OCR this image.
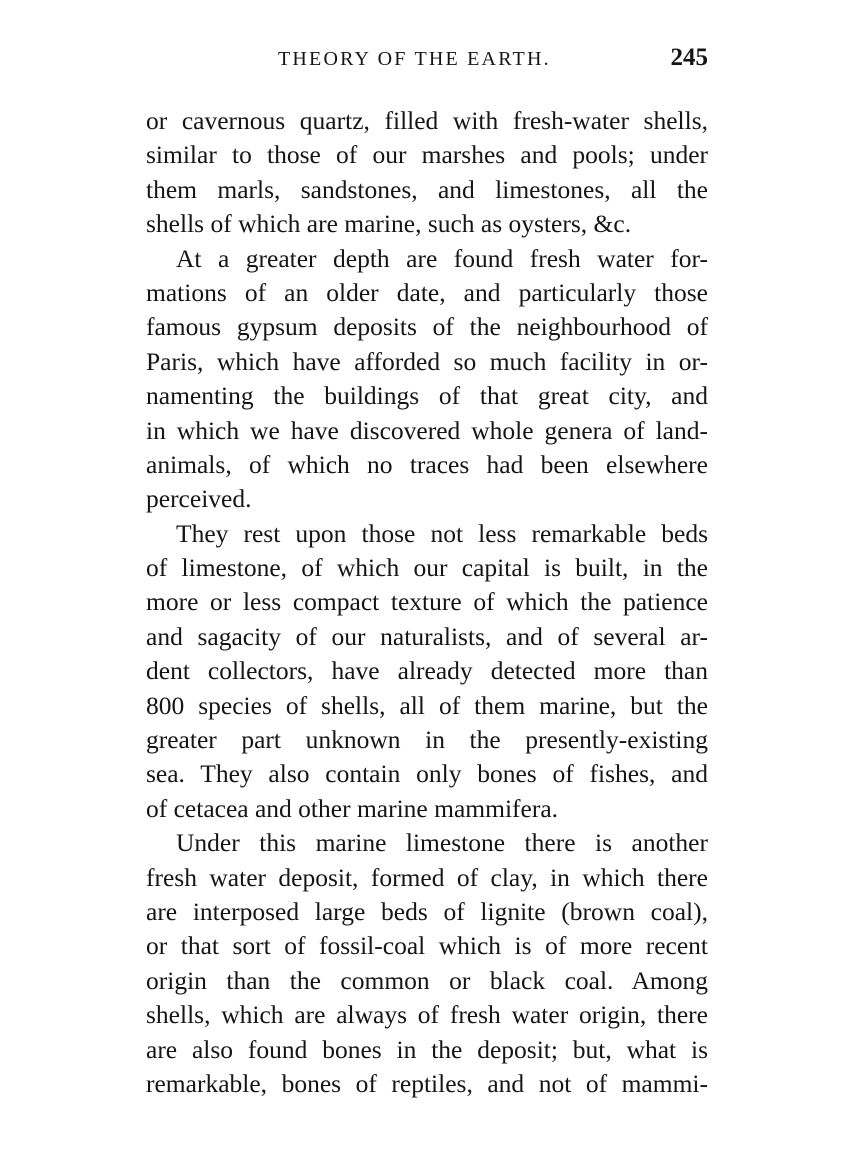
THEORY OF THE EARTH.	245
or cavernous quartz, filled with fresh-water shells,
similar to those of our marshes and pools; under
them marls, sandstones, and limestones, all the
shells of which are marine, such as oysters, &c.
At a greater depth are found fresh water for-
mations of an older date, and particularly those
famous gypsum deposits of the neighbourhood of
Paris, which have afforded so much facility in or-
namenting the buildings of that great city, and
in which we have discovered whole genera of land-
animals, of which no traces had been elsewhere
perceived.
They rest upon those not less remarkable beds
of limestone, of which our capital is built, in the
more or less compact texture of which the patience
and sagacity of our naturalists, and of several ar-
dent collectors, have already detected more than
800 species of shells, all of them marine, but the
greater part unknown in the presently-existing
sea. They also contain only bones of fishes, and
of cetacea and other marine mammifera.
Under this marine limestone there is another
fresh water deposit, formed of clay, in which there
are interposed large beds of lignite (brown coal),
or that sort of fossil-coal which is of more recent
origin than the common or black coal. Among
shells, which are always of fresh water origin, there
are also found bones in the deposit; but, what is
remarkable, bones of reptiles, and not of mammi-
